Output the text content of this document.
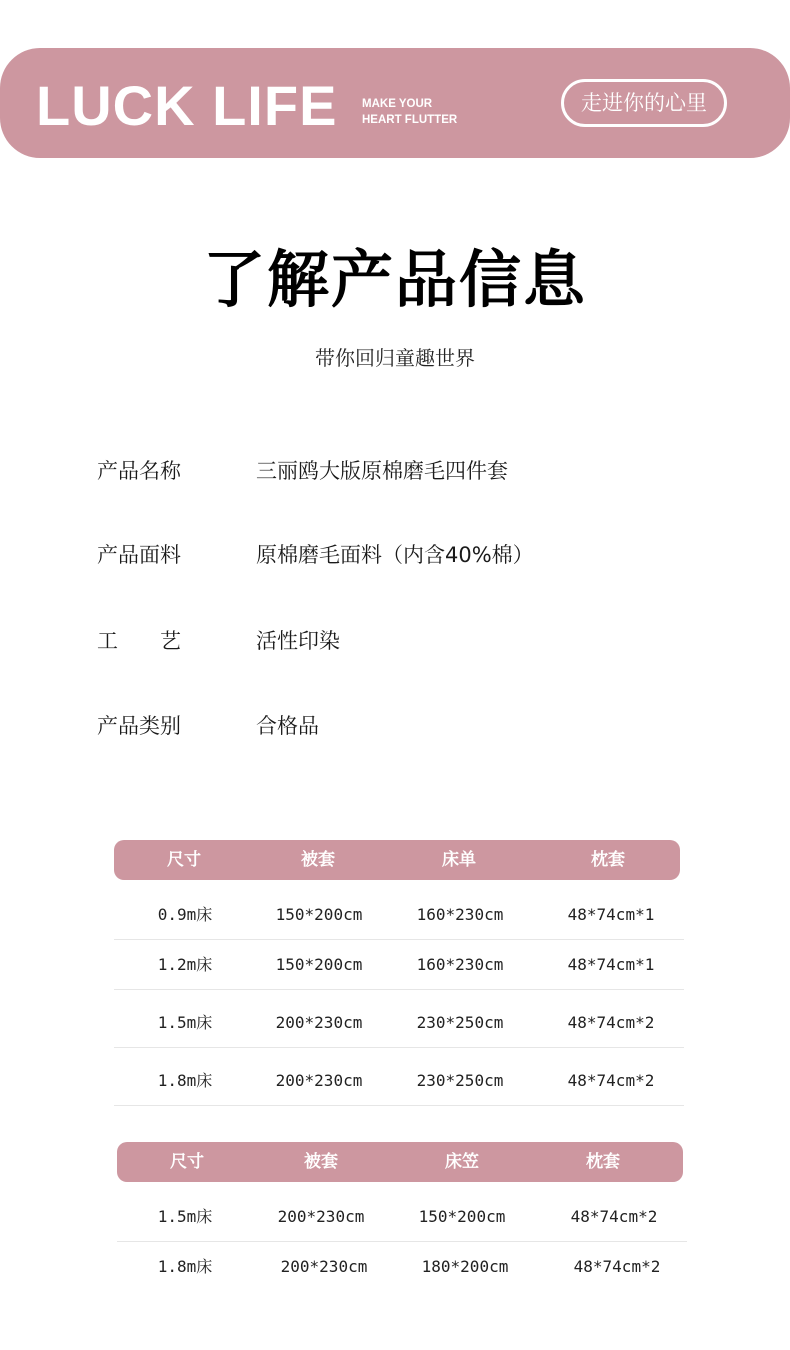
LUCK LIFE MAKE YOUR
HEART FLUTTER
走进你的心里
了解产品信息
带你回归童趣世界
产品名称	三丽鸥大版原棉磨毛四件套
产品面料	原棉磨毛面料（内含40%棉）
工　　艺	活性印染
产品类别	合格品
尺寸	被套	床单	枕套
0.9m床	150*200cm	160*230cm	48*74cm*1
1.2m床	150*200cm	160*230cm	48*74cm*1
1.5m床	200*230cm	230*250cm	48*74cm*2
1.8m床	200*230cm	230*250cm	48*74cm*2
尺寸	被套	床笠	枕套
1.5m床	200*230cm	150*200cm	48*74cm*2
1.8m床	200*230cm	180*200cm	48*74cm*2
